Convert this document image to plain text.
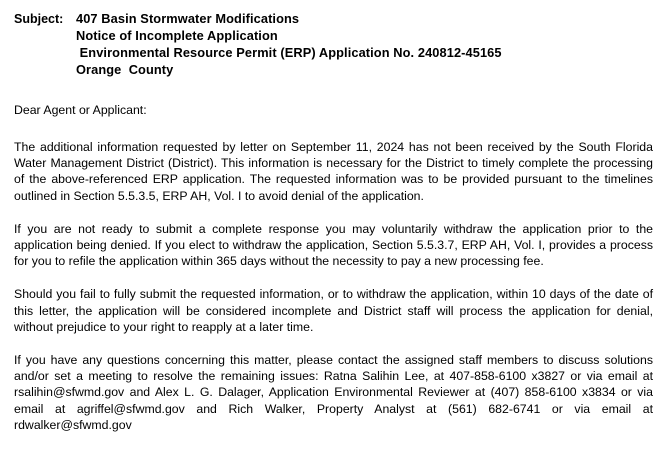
Subject: 407 Basin Stormwater Modifications
Notice of Incomplete Application
Environmental Resource Permit (ERP) Application No. 240812-45165
Orange  County
Dear Agent or Applicant:

The additional information requested by letter on September 11, 2024 has not been received by the South Florida Water Management District (District). This information is necessary for the District to timely complete the processing of the above-referenced ERP application. The requested information was to be provided pursuant to the timelines outlined in Section 5.5.3.5, ERP AH, Vol. I to avoid denial of the application.

If you are not ready to submit a complete response you may voluntarily withdraw the application prior to the application being denied. If you elect to withdraw the application, Section 5.5.3.7, ERP AH, Vol. I, provides a process for you to refile the application within 365 days without the necessity to pay a new processing fee.

Should you fail to fully submit the requested information, or to withdraw the application, within 10 days of the date of this letter, the application will be considered incomplete and District staff will process the application for denial, without prejudice to your right to reapply at a later time.

If you have any questions concerning this matter, please contact the assigned staff members to discuss solutions and/or set a meeting to resolve the remaining issues: Ratna Salihin Lee, at 407-858-6100 x3827 or via email at rsalihin@sfwmd.gov and Alex L. G. Dalager, Application Environmental Reviewer at (407) 858-6100 x3834 or via email at agriffel@sfwmd.gov and Rich Walker, Property Analyst at (561) 682-6741 or via email at rdwalker@sfwmd.gov
